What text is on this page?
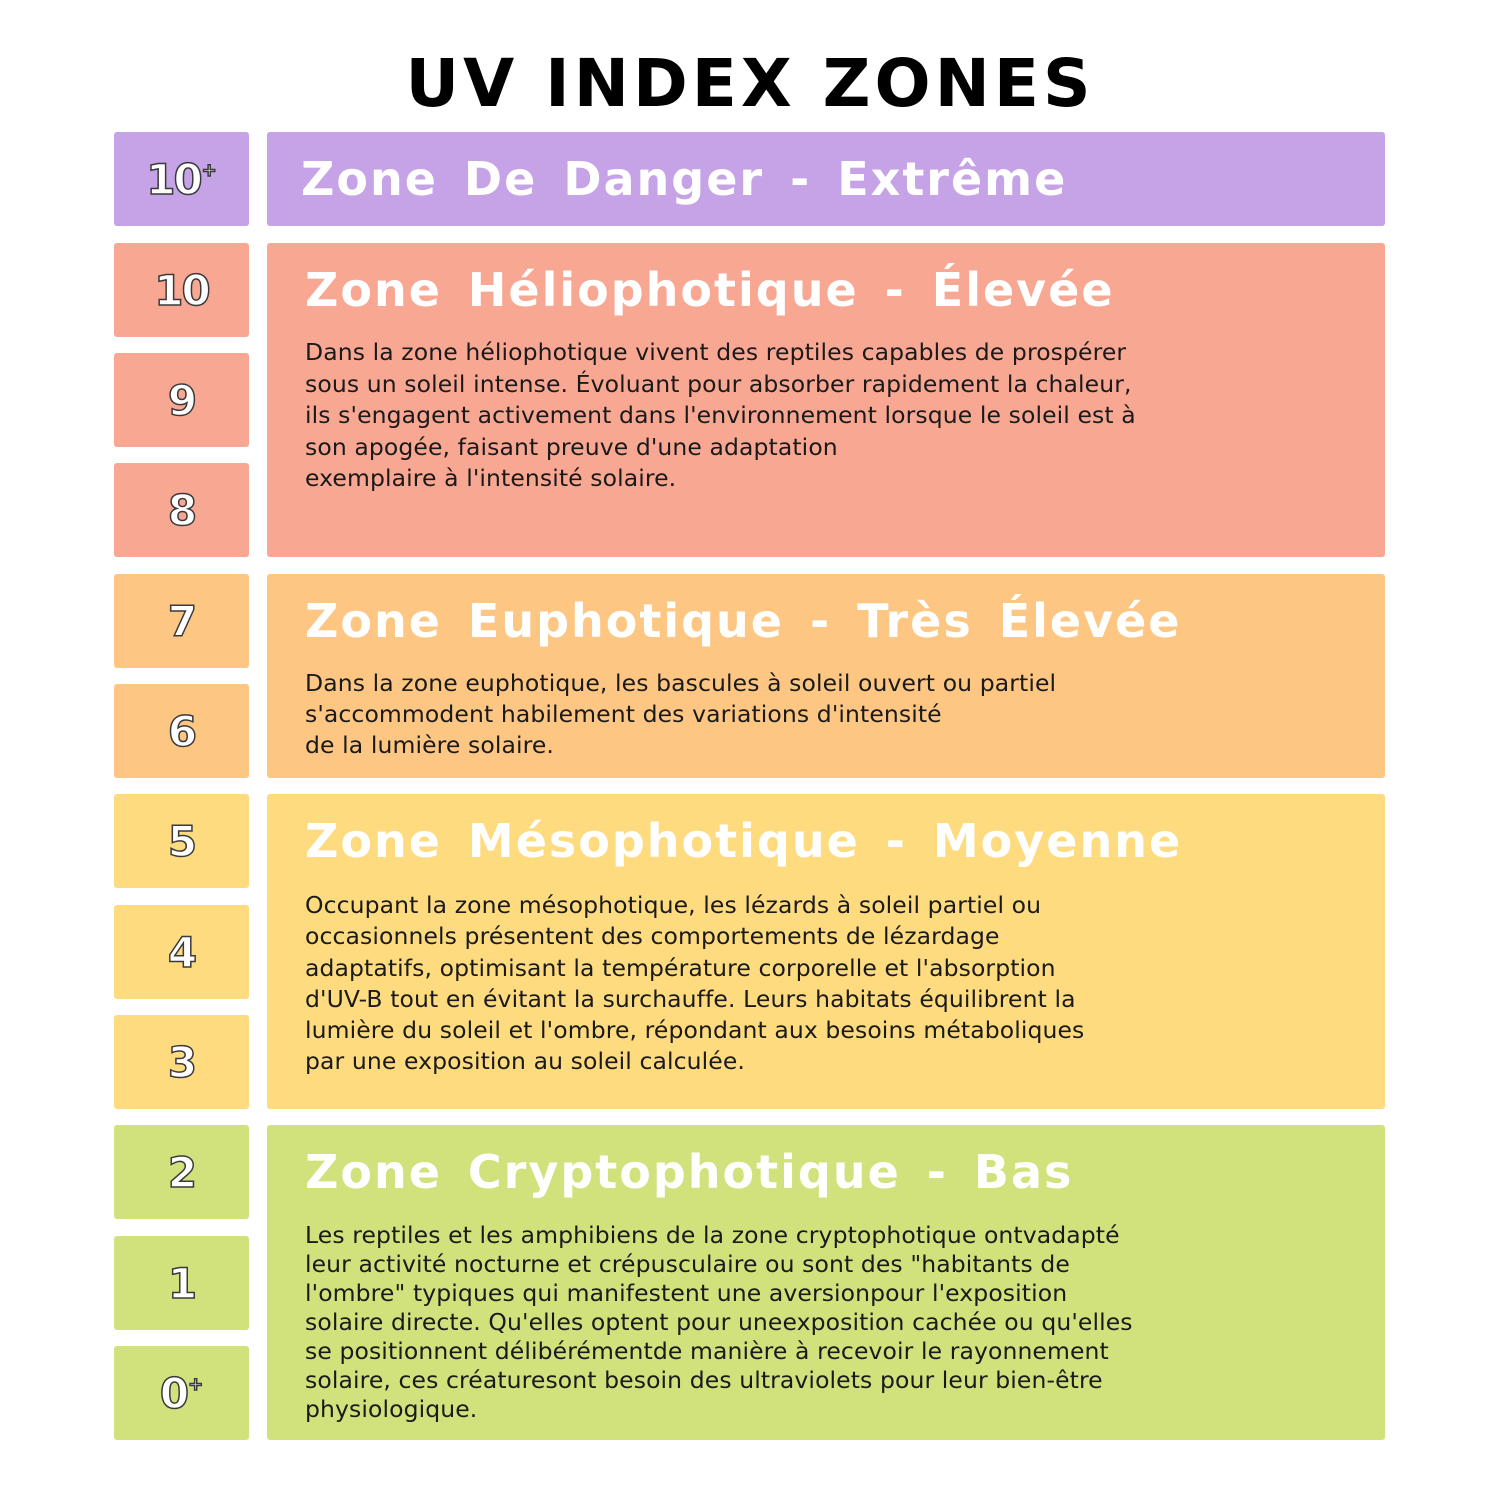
UV INDEX ZONES
10+
10
9
8
7
6
5
4
3
2
1
0+
Zone De Danger - Extrême
Zone Héliophotique - Élevée
Dans la zone héliophotique vivent des reptiles capables de prospérer
sous un soleil intense. Évoluant pour absorber rapidement la chaleur,
ils s'engagent activement dans l'environnement lorsque le soleil est à
son apogée, faisant preuve d'une adaptation
exemplaire à l'intensité solaire.
Zone Euphotique - Très Élevée
Dans la zone euphotique, les bascules à soleil ouvert ou partiel
s'accommodent habilement des variations d'intensité
de la lumière solaire.
Zone Mésophotique - Moyenne
Occupant la zone mésophotique, les lézards à soleil partiel ou
occasionnels présentent des comportements de lézardage
adaptatifs, optimisant la température corporelle et l'absorption
d'UV-B tout en évitant la surchauffe. Leurs habitats équilibrent la
lumière du soleil et l'ombre, répondant aux besoins métaboliques
par une exposition au soleil calculée.
Zone Cryptophotique - Bas
Les reptiles et les amphibiens de la zone cryptophotique ontvadapté
leur activité nocturne et crépusculaire ou sont des "habitants de
l'ombre" typiques qui manifestent une aversionpour l'exposition
solaire directe. Qu'elles optent pour uneexposition cachée ou qu'elles
se positionnent délibérémentde manière à recevoir le rayonnement
solaire, ces créaturesont besoin des ultraviolets pour leur bien-être
physiologique.
